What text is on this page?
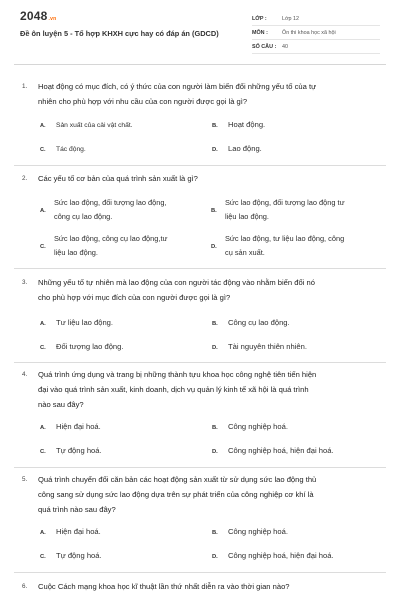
2048.vn
Đề ôn luyện 5 - Tổ hợp KHXH cực hay có đáp án (GDCD)
LỚP :	Lớp 12
MÔN :	Ôn thi khoa học xã hội
SỐ CÂU :	40
1. Hoạt động có mục đích, có ý thức của con người làm biến đổi những yếu tố của tự
nhiên cho phù hợp với nhu cầu của con người được gọi là gì?
A. Sản xuất của cải vật chất.	B. Hoạt động.
C. Tác động.	D. Lao động.
2. Các yếu tố cơ bản của quá trình sản xuất là gì?
A.
Sức lao động, đối tượng lao động,
công cụ lao động.
B.
Sức lao động, đối tượng lao động tư
liệu lao động.
C.
Sức lao động, công cụ lao động,tư
liệu lao động.
D.
Sức lao động, tư liệu lao động, công
cụ sản xuất.
3. Những yếu tố tự nhiên mà lao động của con người tác động vào nhằm biến đổi nó
cho phù hợp với mục đích của con người được gọi là gì?
A. Tư liệu lao động.	B. Công cụ lao động.
C. Đối tượng lao động.	D. Tài nguyên thiên nhiên.
4. Quá trình ứng dụng và trang bị những thành tựu khoa học công nghệ tiên tiến hiện
đại vào quá trình sản xuất, kinh doanh, dịch vụ quản lý kinh tế xã hội là quá trình
nào sau đây?
A. Hiện đại hoá.	B. Công nghiệp hoá.
C. Tự động hoá.	D. Công nghiệp hoá, hiện đại hoá.
5. Quá trình chuyển đổi căn bản các hoạt động sản xuất từ sử dụng sức lao động thủ
công sang sử dụng sức lao động dựa trên sự phát triển của công nghiệp cơ khí là
quá trình nào sau đây?
A. Hiện đại hoá.	B. Công nghiệp hoá.
C. Tự động hoá.	D. Công nghiệp hoá, hiện đại hoá.
6. Cuộc Cách mạng khoa học kĩ thuật lần thứ nhất diễn ra vào thời gian nào?
